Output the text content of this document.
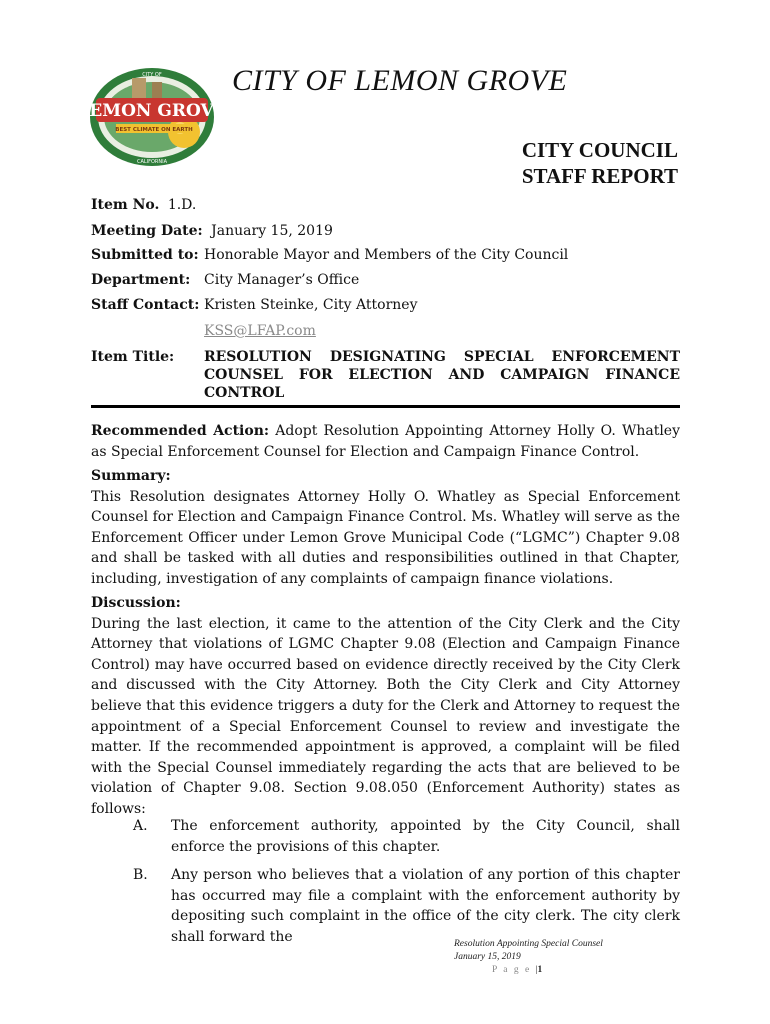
LEMON GROVE
BEST CLIMATE ON EARTH
CITY OF
CALIFORNIA
CITY OF LEMON GROVE
CITY COUNCIL
STAFF REPORT
Item No. 1.D.
Meeting Date: January 15, 2019
Submitted to: Honorable Mayor and Members of the City Council
Department: City Manager’s Office
Staff Contact: Kristen Steinke, City Attorney
KSS@LFAP.com
Item Title: RESOLUTION DESIGNATING SPECIAL ENFORCEMENT COUNSEL FOR ELECTION AND CAMPAIGN FINANCE CONTROL
Recommended Action: Adopt Resolution Appointing Attorney Holly O. Whatley as Special Enforcement Counsel for Election and Campaign Finance Control.
Summary:
This Resolution designates Attorney Holly O. Whatley as Special Enforcement Counsel for Election and Campaign Finance Control. Ms. Whatley will serve as the Enforcement Officer under Lemon Grove Municipal Code (“LGMC”) Chapter 9.08 and shall be tasked with all duties and responsibilities outlined in that Chapter, including, investigation of any complaints of campaign finance violations.
Discussion:
During the last election, it came to the attention of the City Clerk and the City Attorney that violations of LGMC Chapter 9.08 (Election and Campaign Finance Control) may have occurred based on evidence directly received by the City Clerk and discussed with the City Attorney. Both the City Clerk and City Attorney believe that this evidence triggers a duty for the Clerk and Attorney to request the appointment of a Special Enforcement Counsel to review and investigate the matter. If the recommended appointment is approved, a complaint will be filed with the Special Counsel immediately regarding the acts that are believed to be violation of Chapter 9.08. Section 9.08.050 (Enforcement Authority) states as follows:
A. The enforcement authority, appointed by the City Council, shall enforce the provisions of this chapter.
B. Any person who believes that a violation of any portion of this chapter has occurred may file a complaint with the enforcement authority by depositing such complaint in the office of the city clerk. The city clerk shall forward the	Resolution Appointing Special Counsel
January 15, 2019
P a g e |1
